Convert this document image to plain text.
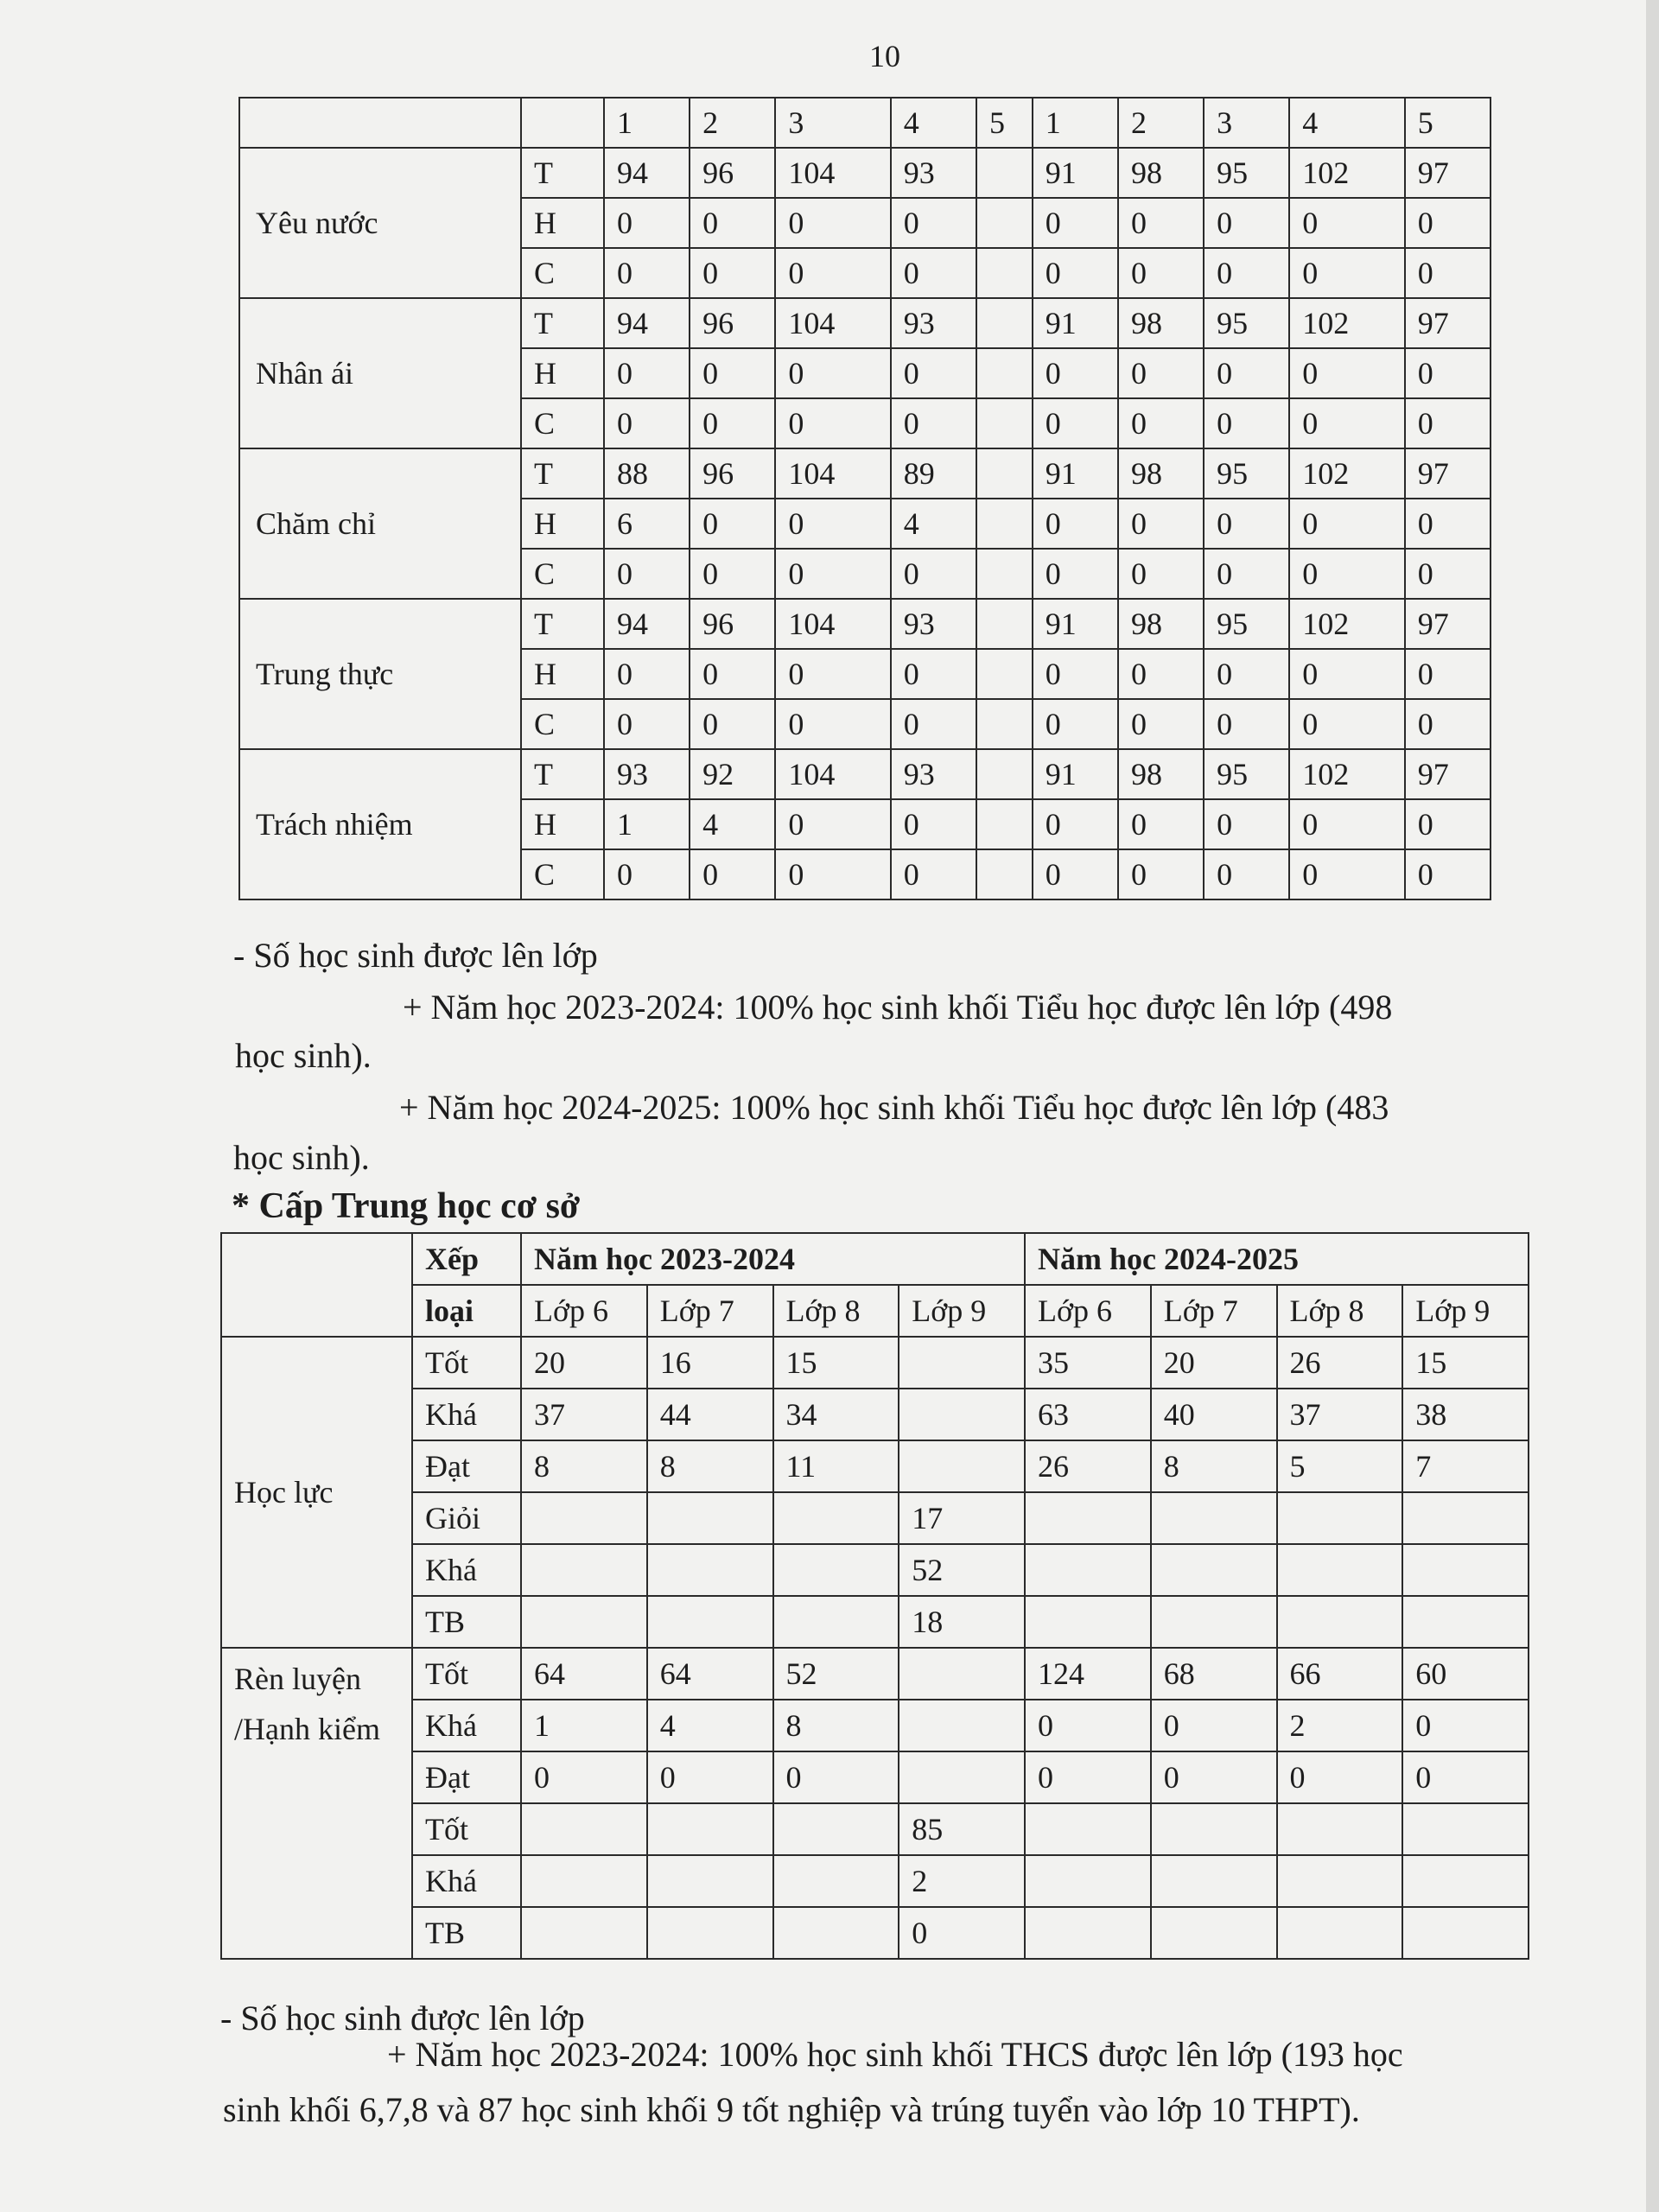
10
		1	2	3	4	5	1	2	3	4	5
Yêu nước	T	94	96	104	93		91	98	95	102	97
	H	0	0	0	0		0	0	0	0	0
	C	0	0	0	0		0	0	0	0	0
Nhân ái	T	94	96	104	93		91	98	95	102	97
	H	0	0	0	0		0	0	0	0	0
	C	0	0	0	0		0	0	0	0	0
Chăm chỉ	T	88	96	104	89		91	98	95	102	97
	H	6	0	0	4		0	0	0	0	0
	C	0	0	0	0		0	0	0	0	0
Trung thực	T	94	96	104	93		91	98	95	102	97
	H	0	0	0	0		0	0	0	0	0
	C	0	0	0	0		0	0	0	0	0
Trách nhiệm	T	93	92	104	93		91	98	95	102	97
	H	1	4	0	0		0	0	0	0	0
	C	0	0	0	0		0	0	0	0	0
- Số học sinh được lên lớp
+ Năm học 2023-2024: 100% học sinh khối Tiểu học được lên lớp (498
học sinh).
+ Năm học 2024-2025: 100% học sinh khối Tiểu học được lên lớp (483
học sinh).
* Cấp Trung học cơ sở
	Xếp	Năm học 2023-2024				Năm học 2024-2025			
	loại	Lớp 6	Lớp 7	Lớp 8	Lớp 9	Lớp 6	Lớp 7	Lớp 8	Lớp 9
Học lực	Tốt	20	16	15		35	20	26	15
	Khá	37	44	34		63	40	37	38
	Đạt	8	8	11		26	8	5	7
	Giỏi				17				
	Khá				52				
	TB				18				

Rèn luyện
/Hạnh kiểm	Tốt	64	64	52		124	68	66	60
	Khá	1	4	8		0	0	2	0
	Đạt	0	0	0		0	0	0	0
	Tốt				85				
	Khá				2				
	TB				0				
- Số học sinh được lên lớp
+ Năm học 2023-2024: 100% học sinh khối THCS được lên lớp (193 học
sinh khối 6,7,8 và 87 học sinh khối 9 tốt nghiệp và trúng tuyển vào lớp 10 THPT).
